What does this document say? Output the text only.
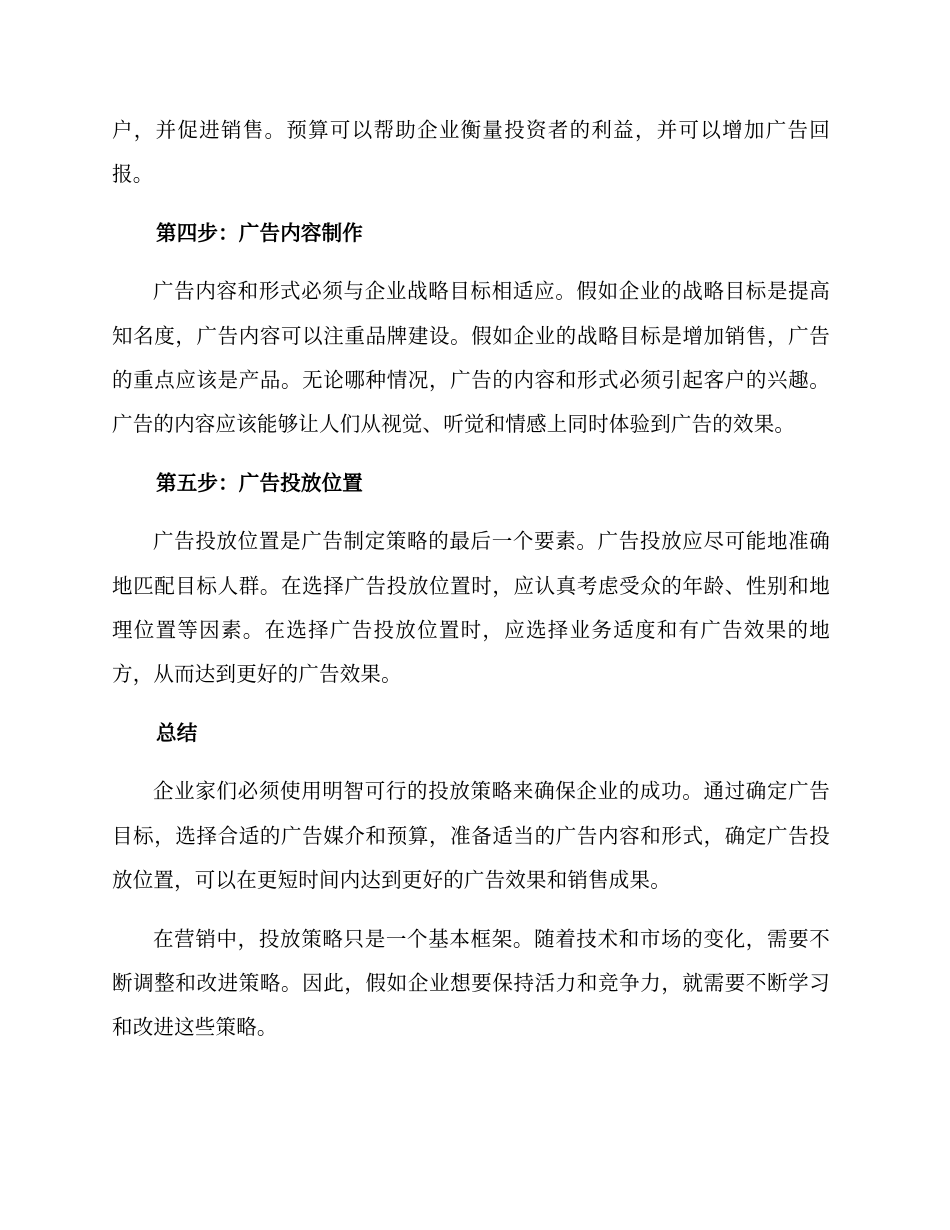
户，并促进销售。预算可以帮助企业衡量投资者的利益，并可以增加广告回报。

第四步：广告内容制作

广告内容和形式必须与企业战略目标相适应。假如企业的战略目标是提高知名度，广告内容可以注重品牌建设。假如企业的战略目标是增加销售，广告的重点应该是产品。无论哪种情况，广告的内容和形式必须引起客户的兴趣。广告的内容应该能够让人们从视觉、听觉和情感上同时体验到广告的效果。

第五步：广告投放位置

广告投放位置是广告制定策略的最后一个要素。广告投放应尽可能地准确地匹配目标人群。在选择广告投放位置时，应认真考虑受众的年龄、性别和地理位置等因素。在选择广告投放位置时，应选择业务适度和有广告效果的地方，从而达到更好的广告效果。

总结

企业家们必须使用明智可行的投放策略来确保企业的成功。通过确定广告目标，选择合适的广告媒介和预算，准备适当的广告内容和形式，确定广告投放位置，可以在更短时间内达到更好的广告效果和销售成果。

在营销中，投放策略只是一个基本框架。随着技术和市场的变化，需要不断调整和改进策略。因此，假如企业想要保持活力和竞争力，就需要不断学习和改进这些策略。
